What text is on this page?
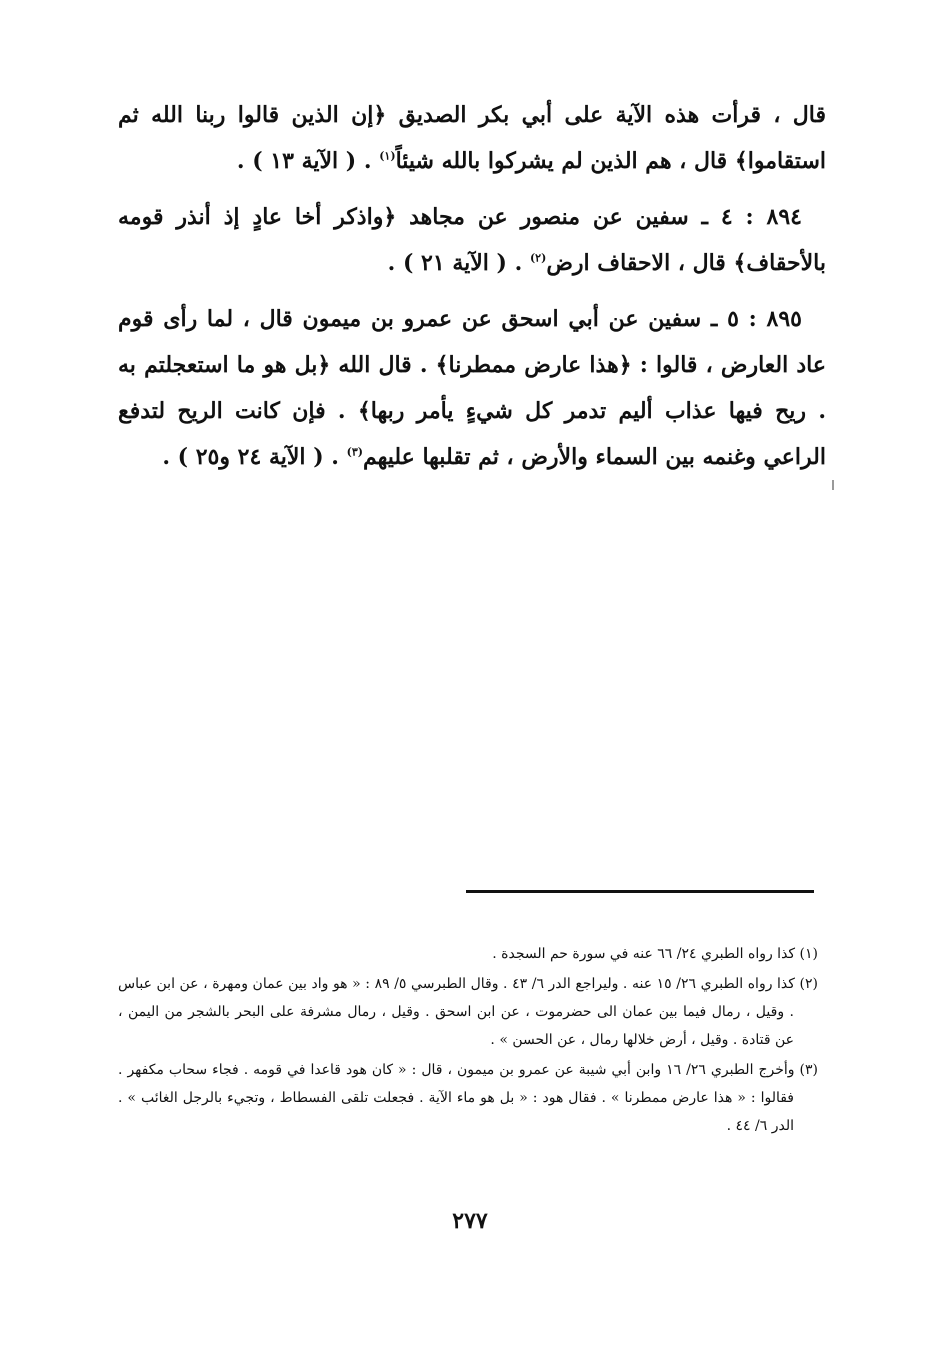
قال ، قرأت هذه الآية على أبي بكر الصديق ﴿إن الذين قالوا ربنا الله ثم استقاموا﴾ قال ، هم الذين لم يشركوا بالله شيئاً$^{(١)}$ . ( الآية ١٣ ) .

٨٩٤ : ٤ ـ سفين عن منصور عن مجاهد ﴿واذكر أخا عادٍ إذ أنذر قومه بالأحقاف﴾ قال ، الاحقاف ارض$^{(٢)}$ . ( الآية ٢١ ) .

٨٩٥ : ٥ ـ سفين عن أبي اسحق عن عمرو بن ميمون قال ، لما رأى قوم عاد العارض ، قالوا : ﴿هذا عارض ممطرنا﴾ . قال الله ﴿بل هو ما استعجلتم به . ريح فيها عذاب أليم تدمر كل شيءٍ يأمر ربها﴾ . فإن كانت الريح لتدفع الراعي وغنمه بين السماء والأرض ، ثم تقلبها عليهم$^{(٣)}$ . ( الآية ٢٤ و٢٥ ) .

(١) كذا رواه الطبري ٢٤/ ٦٦ عنه في سورة حم السجدة .

(٢) كذا رواه الطبري ٢٦/ ١٥ عنه . وليراجع الدر ٦/ ٤٣ . وقال الطبرسي ٥/ ٨٩ : « هو واد بين عمان ومهرة ، عن ابن عباس . وقيل ، رمال فيما بين عمان الى حضرموت ، عن ابن اسحق . وقيل ، رمال مشرفة على البحر بالشجر من اليمن ، عن قتادة . وقيل ، أرض خلالها رمال ، عن الحسن » .

(٣) وأخرج الطبري ٢٦/ ١٦ وابن أبي شيبة عن عمرو بن ميمون ، قال : « كان هود قاعدا في قومه . فجاء سحاب مكفهر . فقالوا : « هذا عارض ممطرنا » . فقال هود : « بل هو ماء الآية . فجعلت تلقى الفسطاط ، وتجيء بالرجل الغائب » . الدر ٦/ ٤٤ .

٢٧٧
